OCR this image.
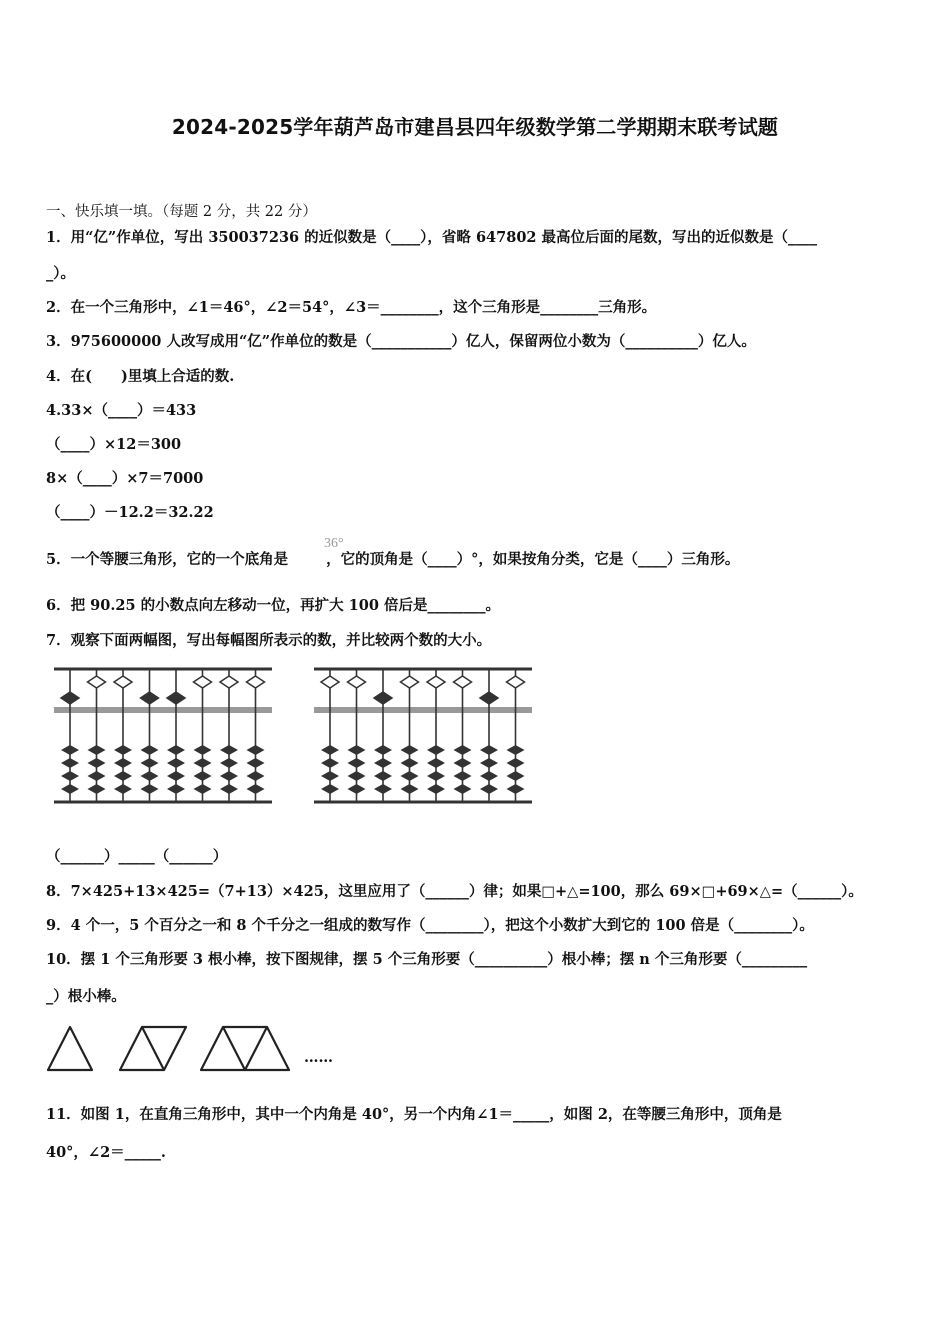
2024-2025学年葫芦岛市建昌县四年级数学第二学期期末联考试题
一、快乐填一填。（每题 2 分，共 22 分）
1．用“亿”作单位，写出 350037236 的近似数是（____），省略 647802 最高位后面的尾数，写出的近似数是（____
_）。
2．在一个三角形中，∠1＝46°，∠2＝54°，∠3＝________，这个三角形是________三角形。
3．975600000 人改写成用“亿”作单位的数是（___________）亿人，保留两位小数为（__________）亿人。
4．在(　　)里填上合适的数.
4.33×（____）＝433
（____）×12＝300
8×（____）×7＝7000
（____）－12.2＝32.22
5．一个等腰三角形，它的一个底角是	，它的顶角是（____）°，如果按角分类，它是（____）三角形。
36°
6．把 90.25 的小数点向左移动一位，再扩大 100 倍后是________。
7．观察下面两幅图，写出每幅图所表示的数，并比较两个数的大小。
（______）_____（______）
8．7×425+13×425=（7+13）×425，这里应用了（______）律；如果□+△=100，那么 69×□+69×△=（______）。
9．4 个一，5 个百分之一和 8 个千分之一组成的数写作（________），把这个小数扩大到它的 100 倍是（________）。
10．摆 1 个三角形要 3 根小棒，按下图规律，摆 5 个三角形要（__________）根小棒；摆 n 个三角形要（_________
_）根小棒。
……
11．如图 1，在直角三角形中，其中一个内角是 40°，另一个内角∠1＝_____，如图 2，在等腰三角形中，顶角是
40°，∠2＝_____.
